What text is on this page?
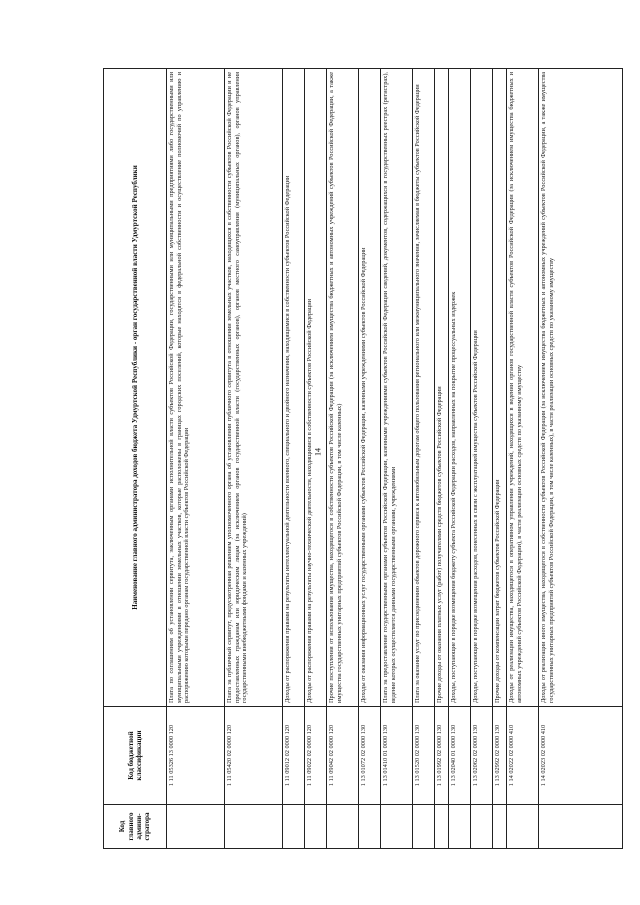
14
Код главного админи-стратора	Код бюджетной классификации	Наименование главного администратора доходов бюджета Удмуртской Республики - орган государственной власти Удмуртской Республики
	1 11 05326 13 0000 120	Плата по соглашениям об установлении сервитута, заключенным органами исполнительной власти субъектов Российской Федерации, государственными или муниципальными предприятиями либо государственными или муниципальными учреждениями в отношении земельных участков, которые расположены в границах городских поселений, которые находятся в федеральной собственности и осуществление полномочий по управлению и распоряжению которыми передано органам государственной власти субъектов Российской Федерации
	1 11 05420 02 0000 120	Плата за публичный сервитут, предусмотренная решением уполномоченного органа об установлении публичного сервитута в отношении земельных участков, находящихся в собственности субъектов Российской Федерации и не предоставленных гражданам или юридическим лицам (за исключением органов государственной власти (государственных органов), органов местного самоуправления (муниципальных органов), органов управления государственными внебюджетными фондами и казенных учреждений)
	1 11 09012 02 0000 120	Доходы от распоряжения правами на результаты интеллектуальной деятельности военного, специального и двойного назначения, находящимися в собственности субъектов Российской Федерации
	1 11 09022 02 0000 120	Доходы от распоряжения правами на результаты научно-технической деятельности, находящимися в собственности субъектов Российской Федерации
	1 11 09042 02 0000 120	Прочие поступления от использования имущества, находящегося в собственности субъектов Российской Федерации (за исключением имущества бюджетных и автономных учреждений субъектов Российской Федерации, а также имущества государственных унитарных предприятий субъектов Российской Федерации, в том числе казенных)
	1 13 01072 02 0000 130	Доходы от оказания информационных услуг государственными органами субъектов Российской Федерации, казенными учреждениями субъектов Российской Федерации
	1 13 01410 01 0000 130	Плата за предоставление государственными органами субъектов Российской Федерации, казенными учреждениями субъектов Российской Федерации сведений, документов, содержащихся в государственных реестрах (регистрах), ведение которых осуществляется данными государственными органами, учреждениями
	1 13 01520 02 0000 130	Плата за оказание услуг по присоединению объектов дорожного сервиса к автомобильным дорогам общего пользования регионального или межмуниципального значения, зачисляемая в бюджеты субъектов Российской Федерации
	1 13 01992 02 0000 130	Прочие доходы от оказания платных услуг (работ) получателями средств бюджетов субъектов Российской Федерации
	1 13 02040 01 0000 130	Доходы, поступающие в порядке возмещения бюджету субъекта Российской Федерации расходов, направленных на покрытие процессуальных издержек
	1 13 02062 02 0000 130	Доходы, поступающие в порядке возмещения расходов, понесенных в связи с эксплуатацией имущества субъектов Российской Федерации
	1 13 02992 02 0000 130	Прочие доходы от компенсации затрат бюджетов субъектов Российской Федерации
	1 14 02022 02 0000 410	Доходы от реализации имущества, находящегося в оперативном управлении учреждений, находящихся в ведении органов государственной власти субъектов Российской Федерации (за исключением имущества бюджетных и автономных учреждений субъектов Российской Федерации), в части реализации основных средств по указанному имуществу
	1 14 02023 02 0000 410	Доходы от реализации иного имущества, находящегося в собственности субъектов Российской Федерации (за исключением имущества бюджетных и автономных учреждений субъектов Российской Федерации, а также имущества государственных унитарных предприятий субъектов Российской Федерации, в том числе казенных), в части реализации основных средств по указанному имуществу
